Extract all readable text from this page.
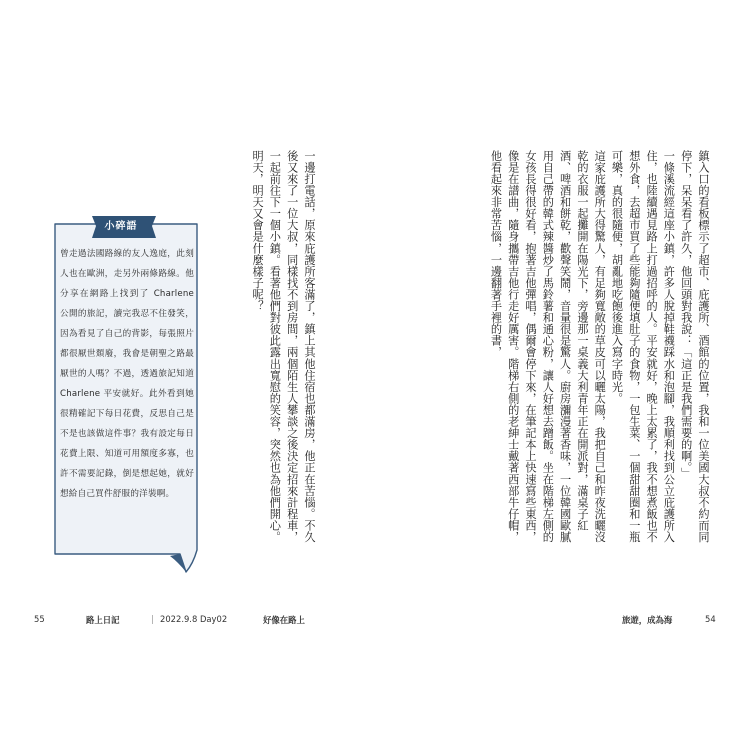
鎮入口的看板標示了超市、庇護所、酒館的位置，我和一位美國大叔不約而同停下，呆呆看了許久，他回頭對我說：「這正是我們需要的啊。」

一條溪流經這座小鎮，許多人脫掉鞋襪踩水和泡腳，我順利找到公立庇護所入住，也陸續遇見路上打過招呼的人。平安就好，晚上太累了，我不想煮飯也不想外食，去超市買了些能夠隨便填肚子的食物，一包生菜、一個甜甜圈和一瓶可樂，真的很隨便，胡亂地吃飽後進入寫字時光。

這家庇護所大得驚人，有足夠寬敞的草皮可以曬太陽，我把自己和昨夜洗曬沒乾的衣服一起攤開在陽光下，旁邊那一桌義大利青年正在開派對，滿桌子紅酒、啤酒和餅乾，歡聲笑鬧，音量很是驚人。廚房瀰漫著香味，一位韓國歐膩用自己帶的韓式辣醬炒了馬鈴薯和通心粉，讓人好想去蹭飯。坐在階梯左側的女孩長得很好看，抱著吉他彈唱，偶爾會停下來，在筆記本上快速寫些東西，像是在譜曲，隨身攜帶吉他行走好厲害。階梯右側的老紳士戴著西部牛仔帽，他看起來非常苦惱，一邊翻著手裡的書，

一邊打電話，原來庇護所客滿了，鎮上其他住宿也都滿房，他正在苦惱。不久後又來了一位大叔，同樣找不到房間，兩個陌生人攀談之後決定招來計程車，一起前往下一個小鎮。看著他們對彼此露出寬慰的笑容，突然也為他們開心。

明天，明天又會是什麼樣子呢？

小碎語
曾走過法國路線的友人逸庭，此刻人也在歐洲，走另外兩條路線。他分享在網路上找到了 Charlene 公開的旅記，讀完我忍不住發笑，因為看見了自己的背影，每張照片都很厭世頹廢，我會是朝聖之路最厭世的人嗎？不過，透過旅記知道 Charlene 平安就好。此外看到她很精確記下每日花費，反思自己是不是也該做這件事？我有設定每日花費上限、知道可用額度多寡，也許不需要記錄，倒是想起她，就好想給自己買件舒服的洋裝啊。
55	路上日記	| 2022.9.8 Day02	好像在路上	旅遊，成為海	54
